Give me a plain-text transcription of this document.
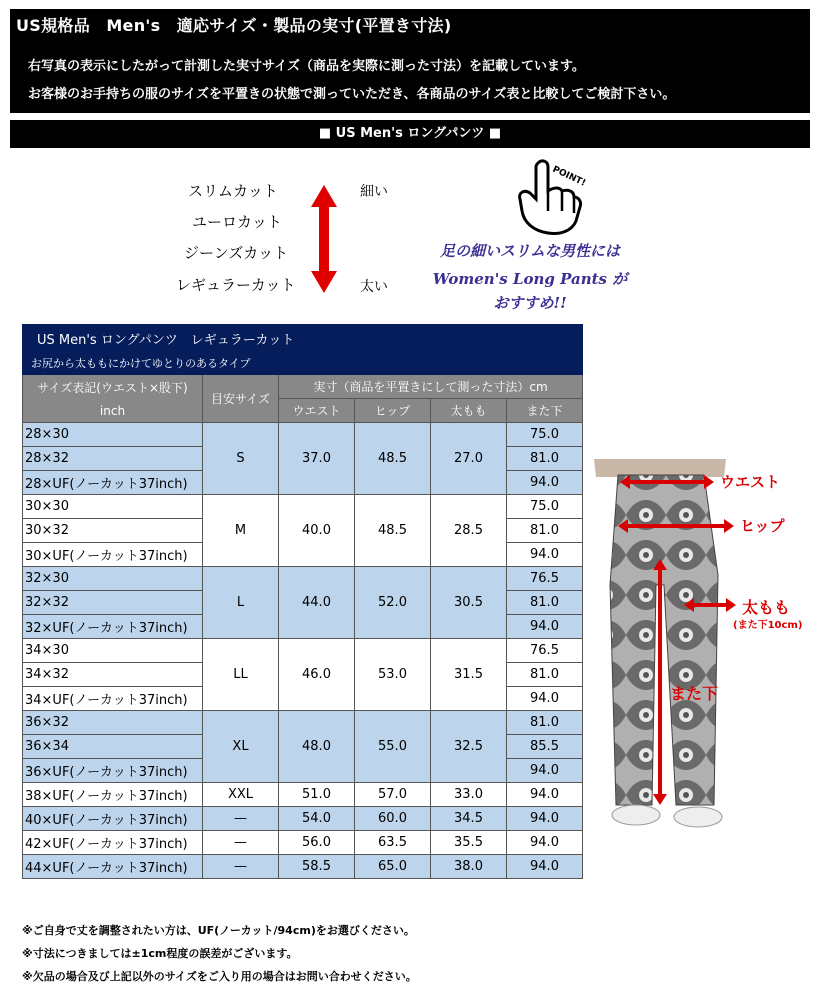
US規格品　Men's　適応サイズ・製品の実寸(平置き寸法)
右写真の表示にしたがって計測した実寸サイズ（商品を実際に測った寸法）を記載しています。
お客様のお手持ちの服のサイズを平置きの状態で測っていただき、各商品のサイズ表と比較してご検討下さい。
■ US Men's ロングパンツ ■
スリムカット
ユーロカット
ジーンズカット
レギュラーカット
細い
太い
POINT!
足の細いスリムな男性には
Women's Long Pants が
おすすめ!!
US Men's ロングパンツ　レギュラーカット					
お尻から太ももにかけてゆとりのあるタイプ					

サイズ表記(ウエスト×股下)
inch	目安サイズ	実寸（商品を平置きにして測った寸法）cm			
		ウエスト	ヒップ	太もも	また下
28×30	S	37.0	48.5	27.0	75.0
28×32					81.0
28×UF(ノーカット37inch)					94.0
30×30	M	40.0	48.5	28.5	75.0
30×32					81.0
30×UF(ノーカット37inch)					94.0
32×30	L	44.0	52.0	30.5	76.5
32×32					81.0
32×UF(ノーカット37inch)					94.0
34×30	LL	46.0	53.0	31.5	76.5
34×32					81.0
34×UF(ノーカット37inch)					94.0
36×32	XL	48.0	55.0	32.5	81.0
36×34					85.5
36×UF(ノーカット37inch)					94.0
38×UF(ノーカット37inch)	XXL	51.0	57.0	33.0	94.0
40×UF(ノーカット37inch)	—	54.0	60.0	34.5	94.0
42×UF(ノーカット37inch)	—	56.0	63.5	35.5	94.0
44×UF(ノーカット37inch)	—	58.5	65.0	38.0	94.0
※ご自身で丈を調整されたい方は、UF(ノーカット/94cm)をお選びください。
※寸法につきましては±1cm程度の誤差がございます。
※欠品の場合及び上記以外のサイズをご入り用の場合はお問い合わせください。
ウエスト
ヒップ
太もも
(また下10cm)
また下
